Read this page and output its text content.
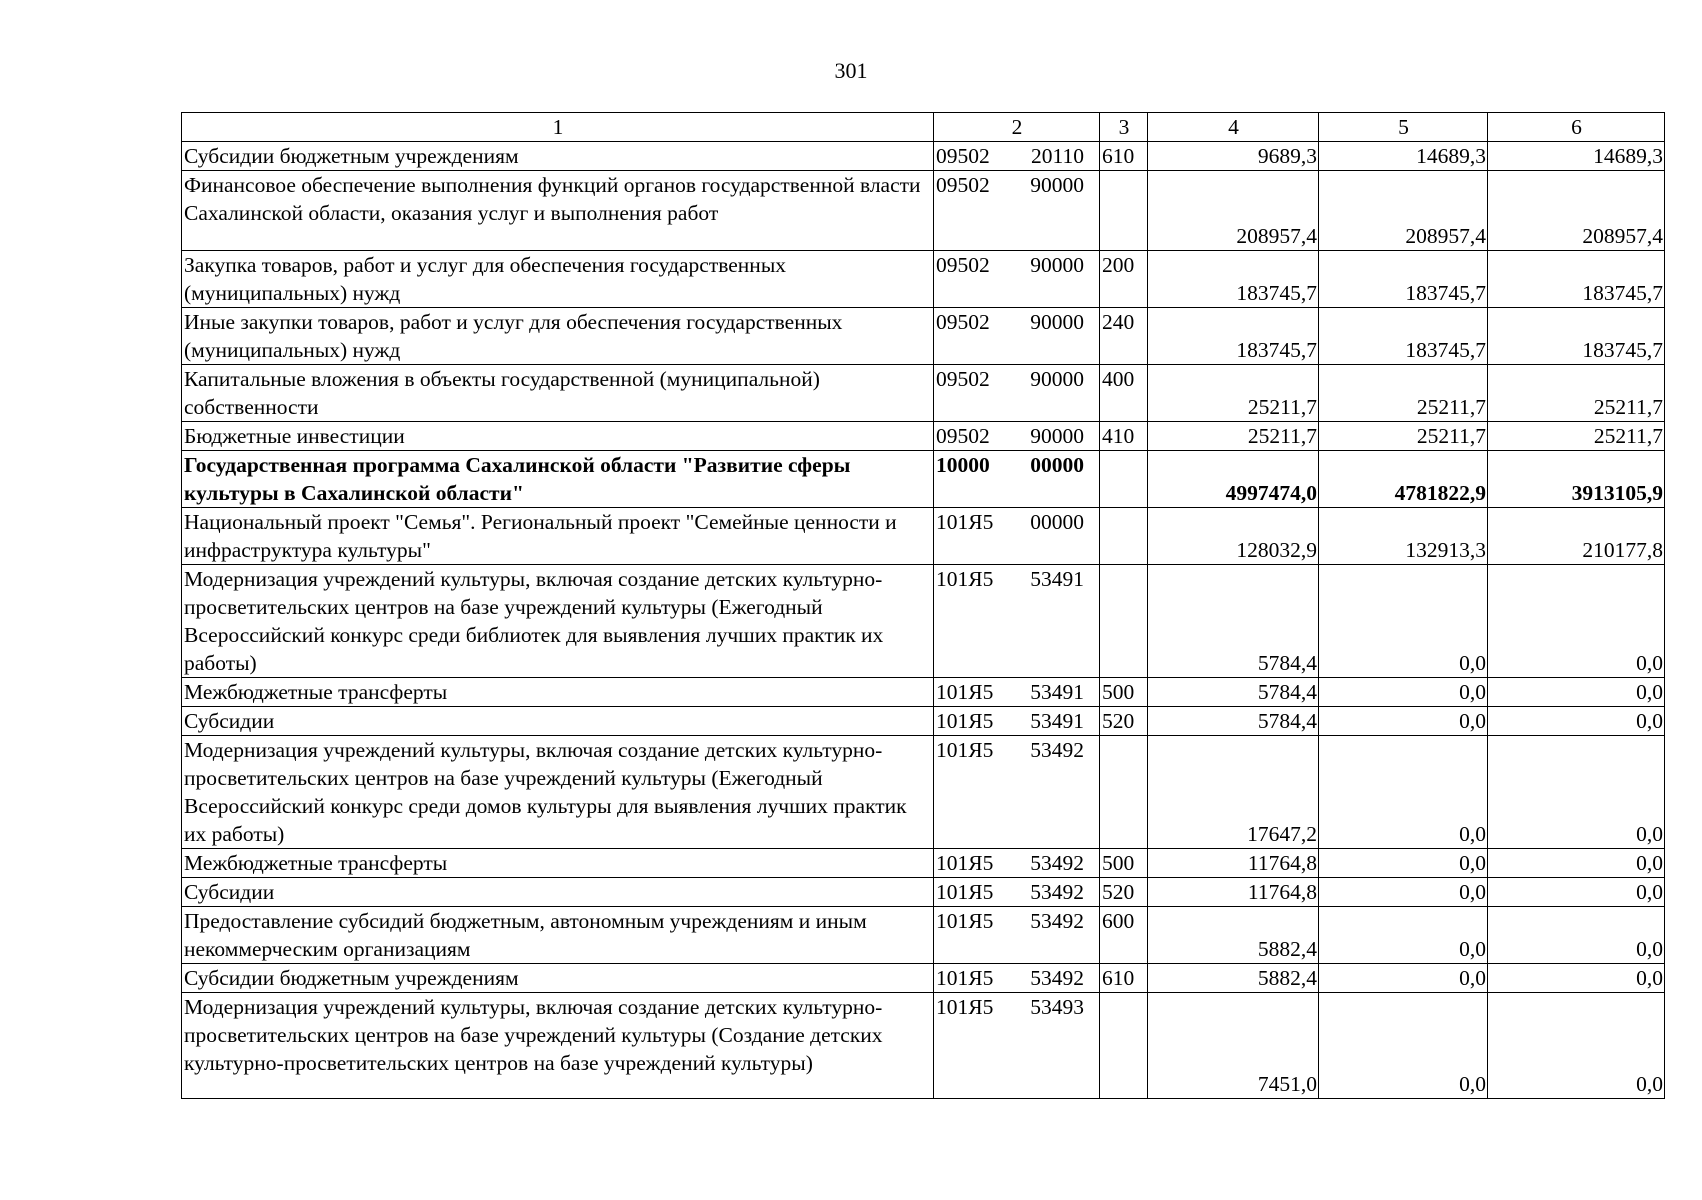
301
1	2	3	4	5	6
Субсидии бюджетным учреждениям	09502 20110	610	9689,3	14689,3	14689,3
Финансовое обеспечение выполнения функций органов государственной власти Сахалинской области, оказания услуг и выполнения работ	09502 90000		208957,4	208957,4	208957,4
Закупка товаров, работ и услуг для обеспечения государственных (муниципальных) нужд	09502 90000	200	183745,7	183745,7	183745,7
Иные закупки товаров, работ и услуг для обеспечения государственных (муниципальных) нужд	09502 90000	240	183745,7	183745,7	183745,7
Капитальные вложения в объекты государственной (муниципальной) собственности	09502 90000	400	25211,7	25211,7	25211,7
Бюджетные инвестиции	09502 90000	410	25211,7	25211,7	25211,7
Государственная программа Сахалинской области "Развитие сферы культуры в Сахалинской области"	10000 00000		4997474,0	4781822,9	3913105,9
Национальный проект "Семья". Региональный проект "Семейные ценности и инфраструктура культуры"	101Я5 00000		128032,9	132913,3	210177,8
Модернизация учреждений культуры, включая создание детских культурно-просветительских центров на базе учреждений культуры (Ежегодный Всероссийский конкурс среди библиотек для выявления лучших практик их работы)	101Я5 53491		5784,4	0,0	0,0
Межбюджетные трансферты	101Я5 53491	500	5784,4	0,0	0,0
Субсидии	101Я5 53491	520	5784,4	0,0	0,0
Модернизация учреждений культуры, включая создание детских культурно-просветительских центров на базе учреждений культуры (Ежегодный Всероссийский конкурс среди домов культуры для выявления лучших практик их работы)	101Я5 53492		17647,2	0,0	0,0
Межбюджетные трансферты	101Я5 53492	500	11764,8	0,0	0,0
Субсидии	101Я5 53492	520	11764,8	0,0	0,0
Предоставление субсидий бюджетным, автономным учреждениям и иным некоммерческим организациям	101Я5 53492	600	5882,4	0,0	0,0
Субсидии бюджетным учреждениям	101Я5 53492	610	5882,4	0,0	0,0
Модернизация учреждений культуры, включая создание детских культурно-просветительских центров на базе учреждений культуры (Создание детских культурно-просветительских центров на базе учреждений культуры)	101Я5 53493		7451,0	0,0	0,0
